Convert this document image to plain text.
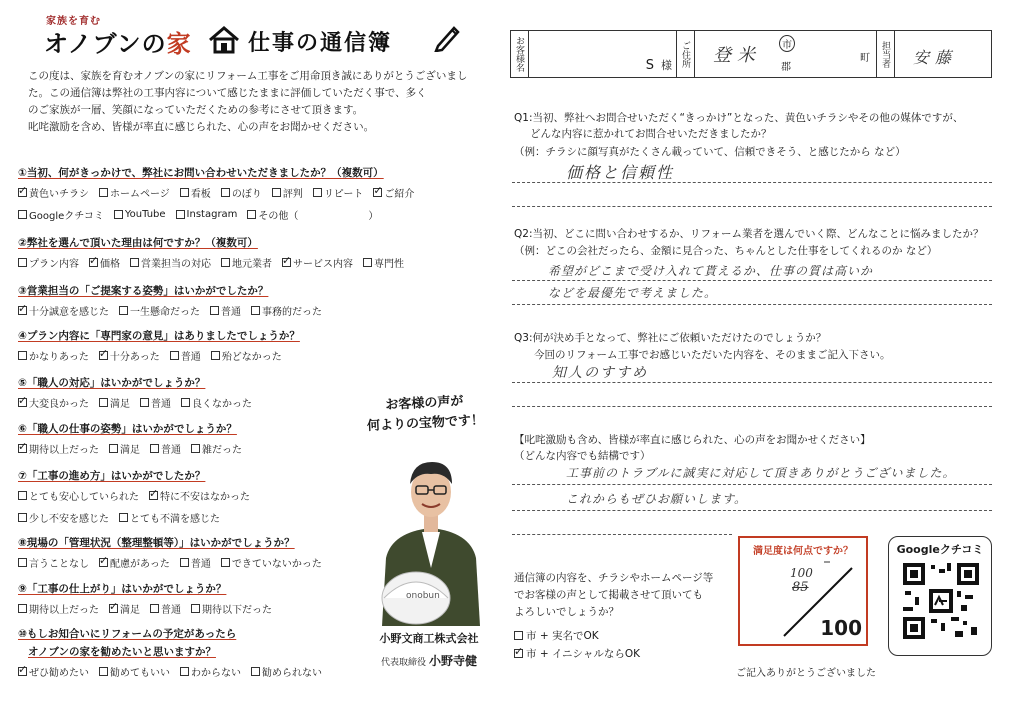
家族を育む
オノブンの家	仕事の通信簿
この度は、家族を育むオノブンの家にリフォーム工事をご用命頂き誠にありがとうございまし
た。この通信簿は弊社の工事内容について感じたままに評価していただく事で、多く
のご家族が一層、笑顔になっていただくための参考にさせて頂きます。
叱咤激励を含め、皆様が率直に感じられた、心の声をお聞かせください。
①当初、何がきっかけで、弊社にお問い合わせいただきましたか？（複数可）
✓
黄色いチラシ ホームページ 看板 のぼり 評判 リピート ✓ ご紹介
Googleクチコミ YouTube Instagram その他（　　　　　　　）
②弊社を選んで頂いた理由は何ですか？（複数可）
プラン内容 ✓ 価格 営業担当の対応 地元業者 ✓ サービス内容 専門性
③営業担当の「ご提案する姿勢」はいかがでしたか？
✓
十分誠意を感じた 一生懸命だった 普通 事務的だった
④プラン内容に「専門家の意見」はありましたでしょうか？
かなりあった ✓ 十分あった 普通 殆どなかった
⑤「職人の対応」はいかがでしょうか？
✓
大変良かった 満足 普通 良くなかった
⑥「職人の仕事の姿勢」はいかがでしょうか？
✓
期待以上だった 満足 普通 雑だった
⑦「工事の進め方」はいかがでしたか？
とても安心していられた ✓ 特に不安はなかった
少し不安を感じた とても不満を感じた
⑧現場の「管理状況（整理整頓等）」はいかがでしょうか？
言うことなし ✓ 配慮があった 普通 できていないかった
⑨「工事の仕上がり」はいかがでしょうか？
期待以上だった ✓ 満足 普通 期待以下だった
⑩もしお知合いにリフォームの予定があったら
オノブンの家を勧めたいと思いますか？
✓
ぜひ勧めたい 勧めてもいい わからない 勧められない
お客様の声が
何よりの宝物です！
onobun
小野文商工株式会社
代表取締役 小野寺健
お客様名	S 様 ご住所 登米	市
郡
町	担当者	安藤
Q1:当初、弊社へお問合せいただく“きっかけ”となった、黄色いチラシやその他の媒体ですが、
どんな内容に惹かれてお問合せいただきましたか？
（例：チラシに顔写真がたくさん載っていて、信頼できそう、と感じたから など）
価格と信頼性
Q2:当初、どこに問い合わせするか、リフォーム業者を選んでいく際、どんなことに悩みましたか？
（例：どこの会社だったら、金額に見合った、ちゃんとした仕事をしてくれるのか など）
希望がどこまで受け入れて貰えるか、仕事の質は高いか
などを最優先で考えました。
Q3:何が決め手となって、弊社にご依頼いただけたのでしょうか？
今回のリフォーム工事でお感じいただいた内容を、そのままご記入下さい。
知人のすすめ
【叱咤激励も含め、皆様が率直に感じられた、心の声をお聞かせください】
（どんな内容でも結構です）
工事前のトラブルに誠実に対応して頂きありがとうございました。
これからもぜひお願いします。
通信簿の内容を、チラシやホームページ等
でお客様の声として掲載させて頂いても
よろしいでしょうか？
市 + 実名でOK
✓
市 + イニシャルならOK
満足度は何点ですか？
100
85
100
Googleクチコミ
ご記入ありがとうございました
